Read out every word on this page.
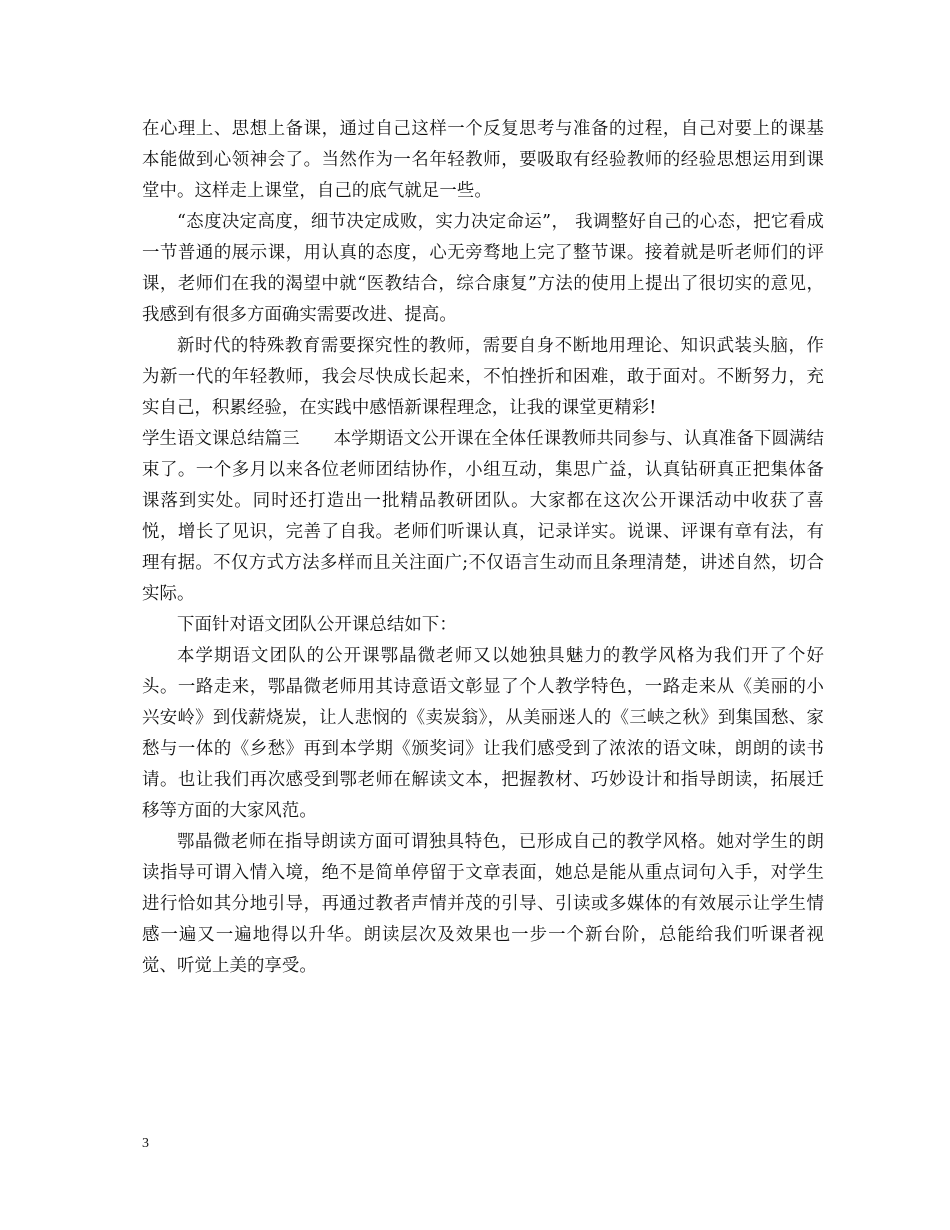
在心理上、思想上备课，通过自己这样一个反复思考与准备的过程，自己对要上的课基本能做到心领神会了。当然作为一名年轻教师，要吸取有经验教师的经验思想运用到课堂中。这样走上课堂，自己的底气就足一些。

“态度决定高度，细节决定成败，实力决定命运”， 我调整好自己的心态，把它看成一节普通的展示课，用认真的态度，心无旁骛地上完了整节课。接着就是听老师们的评课，老师们在我的渴望中就“医教结合，综合康复”方法的使用上提出了很切实的意见，我感到有很多方面确实需要改进、提高。

新时代的特殊教育需要探究性的教师，需要自身不断地用理论、知识武装头脑，作为新一代的年轻教师，我会尽快成长起来，不怕挫折和困难，敢于面对。不断努力，充实自己，积累经验，在实践中感悟新课程理念，让我的课堂更精彩!

学生语文课总结篇三 本学期语文公开课在全体任课教师共同参与、认真准备下圆满结束了。一个多月以来各位老师团结协作，小组互动，集思广益，认真钻研真正把集体备课落到实处。同时还打造出一批精品教研团队。大家都在这次公开课活动中收获了喜悦，增长了见识，完善了自我。老师们听课认真，记录详实。说课、评课有章有法，有理有据。不仅方式方法多样而且关注面广;不仅语言生动而且条理清楚，讲述自然，切合实际。

下面针对语文团队公开课总结如下：

本学期语文团队的公开课鄂晶微老师又以她独具魅力的教学风格为我们开了个好头。一路走来，鄂晶微老师用其诗意语文彰显了个人教学特色，一路走来从《美丽的小兴安岭》到伐薪烧炭，让人悲悯的《卖炭翁》，从美丽迷人的《三峡之秋》到集国愁、家愁与一体的《乡愁》再到本学期《颁奖词》让我们感受到了浓浓的语文味，朗朗的读书请。也让我们再次感受到鄂老师在解读文本，把握教材、巧妙设计和指导朗读，拓展迁移等方面的大家风范。

鄂晶微老师在指导朗读方面可谓独具特色，已形成自己的教学风格。她对学生的朗读指导可谓入情入境，绝不是简单停留于文章表面，她总是能从重点词句入手，对学生进行恰如其分地引导，再通过教者声情并茂的引导、引读或多媒体的有效展示让学生情感一遍又一遍地得以升华。朗读层次及效果也一步一个新台阶，总能给我们听课者视觉、听觉上美的享受。

3
